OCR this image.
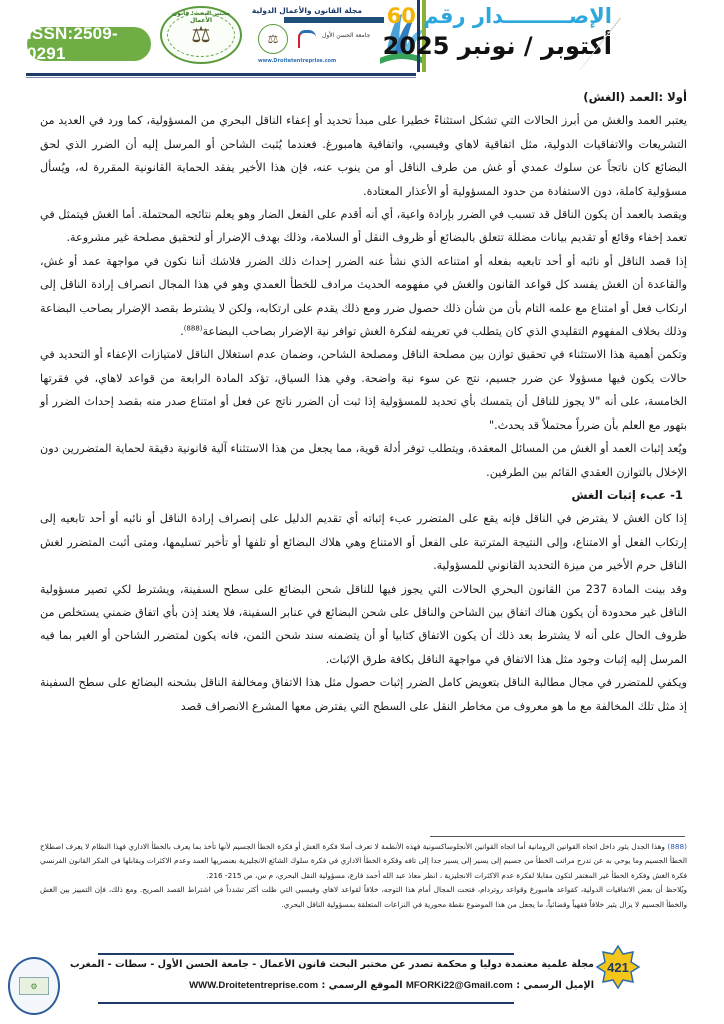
ISSN:2509-0291
مختبر البحث: قانون الأعمال
⚖
مجلة القانون والأعمال الدولية
⚖	جامعة الحسن الأول
www.Droitetentreprise.com
الإصـــــــــدار رقم 60
أكتوبر / نونبر 2025

أولا :العمد (الغش)

يعتبر العمد والغش من أبرز الحالات التي تشكل استثناءً خطيرا على مبدأ تحديد أو إعفاء الناقل البحري من المسؤولية، كما ورد في العديد من التشريعات والاتفاقيات الدولية، مثل اتفاقية لاهاي وفيسبي، واتفاقية هامبورغ. فعندما يُثبت الشاحن أو المرسل إليه أن الضرر الذي لحق البضائع كان ناتجاً عن سلوك عمدي أو غش من طرف الناقل أو من ينوب عنه، فإن هذا الأخير يفقد الحماية القانونية المقررة له، ويُسأل مسؤولية كاملة، دون الاستفادة من حدود المسؤولية أو الأعذار المعتادة.

ويقصد بالعمد أن يكون الناقل قد تسبب في الضرر بإرادة واعية، أي أنه أقدم على الفعل الضار وهو يعلم نتائجه المحتملة. أما الغش فيتمثل في تعمد إخفاء وقائع أو تقديم بيانات مضللة تتعلق بالبضائع أو ظروف النقل أو السلامة، وذلك بهدف الإضرار أو لتحقيق مصلحة غير مشروعة.

إذا قصد الناقل أو نائبه أو أحد تابعيه بفعله أو امتناعه الذي نشأ عنه الضرر إحداث ذلك الضرر فلاشك أننا نكون في مواجهة عمد أو غش، والقاعدة أن الغش يفسد كل قواعد القانون والغش في مفهومه الحديث مرادف للخطأ العمدي وهو في هذا المجال انصراف إرادة الناقل إلى ارتكاب فعل أو امتناع مع علمه التام بأن من شأن ذلك حصول ضرر ومع ذلك يقدم على ارتكابه، ولكن لا يشترط بقصد الإضرار بصاحب البضاعة وذلك بخلاف المفهوم التقليدي الذي كان يتطلب في تعريفه لفكرة الغش توافر نية الإضرار بصاحب البضاعة$^{(888)}$.

وتكمن أهمية هذا الاستثناء في تحقيق توازن بين مصلحة الناقل ومصلحة الشاحن، وضمان عدم استغلال الناقل لامتيازات الإعفاء أو التحديد في حالات يكون فيها مسؤولا عن ضرر جسيم، نتج عن سوء نية واضحة. وفي هذا السياق، تؤكد المادة الرابعة من قواعد لاهاي، في فقرتها الخامسة، على أنه "لا يجوز للناقل أن يتمسك بأي تحديد للمسؤولية إذا ثبت أن الضرر ناتج عن فعل أو امتناع صدر منه بقصد إحداث الضرر أو بتهور مع العلم بأن ضرراً محتملاً قد يحدث."

ويُعد إثبات العمد أو الغش من المسائل المعقدة، ويتطلب توفر أدلة قوية، مما يجعل من هذا الاستثناء آلية قانونية دقيقة لحماية المتضررين دون الإخلال بالتوازن العقدي القائم بين الطرفين.

1- عبء إثبات الغش

إذا كان الغش لا يفترض في الناقل فإنه يقع على المتضرر عبء إثباته أي تقديم الدليل على إنصراف إرادة الناقل أو نائبه أو أحد تابعيه إلى إرتكاب الفعل أو الامتناع، وإلى النتيجة المترتبة على الفعل أو الامتناع وهي هلاك البضائع أو تلفها أو تأخير تسليمها، ومتى أثبت المتضرر لغش الناقل حرم الأخير من ميزة التحديد القانوني للمسؤولية.

وقد بينت المادة 237 من القانون البحري الحالات التي يجوز فيها للناقل شحن البضائع على سطح السفينة، ويشترط لكي تصير مسؤولية الناقل غير محدودة أن يكون هناك اتفاق بين الشاحن والناقل على شحن البضائع في عنابر السفينة، فلا يعتد إذن بأي اتفاق ضمني يستخلص من ظروف الحال على أنه لا يشترط بعد ذلك أن يكون الاتفاق كتابيا أو أن يتضمنه سند شحن الثمن، فانه يكون لمتضرر الشاحن أو الغير بما فيه المرسل إليه إثبات وجود مثل هذا الاتفاق في مواجهة الناقل بكافة طرق الإثبات.

ويكفي للمتضرر في مجال مطالبة الناقل بتعويض كامل الضرر إثبات حصول مثل هذا الاتفاق ومخالفة الناقل بشحنه البضائع على سطح السفينة إذ مثل تلك المخالفة مع ما هو معروف من مخاطر النقل على السطح التي يفترض معها المشرع الانصراف قصد

(888) وهذا الجدل يثور داخل اتجاه القوانين الرومانية أما اتجاه القوانين الأنجلوساكسونية فهذه الأنظمة لا تعرف أصلا فكرة الغش أو فكرة الخطأ الجسيم لأنها تأخذ بما يعرف بالخطأ الاداري فهذا النظام لا يعرف اصطلاح الخطأ الجسيم وما يوحي به عن تدرج مراتب الخطأ من جسيم إلى يسير إلى يسير جدا إلى تافه وفكرة الخطأ الاداري في فكرة سلوك الشائع الانجليزية بعنصريها العمد وعدم الاكثرات ويقابلها في الفكر القانون الفرنسي فكرة الغش وفكرة الخطأ غير المغتفر لتكون مقابلا لفكرة عدم الاكثرات الانجليزية ، انظر معاذ عبد الله أحمد فارع، مسؤولية النقل البحري، م س، ص 215- 216.

ويُلاحظ أن بعض الاتفاقيات الدولية، كقواعد هامبورغ وقواعد روتردام، فتحت المجال أمام هذا التوجه، خلافاً لقواعد لاهاي وفيسبي التي ظلت أكثر تشدداً في اشتراط القصد الصريح. ومع ذلك، فإن التمييز بين الغش والخطأ الجسيم لا يزال يثير خلافاً فقهياً وقضائياً، ما يجعل من هذا الموضوع نقطة محورية في النزاعات المتعلقة بمسؤولية الناقل البحري.

⚙
مجلة علمية معتمدة دوليا و محكمة تصدر عن مختبر البحث قانون الأعمال - جامعة الحسن الأول - سطات - المغرب
الإميل الرسمي : MFORKi22@Gmail.com الموقع الرسمي : WWW.Droitetentreprise.com
421
